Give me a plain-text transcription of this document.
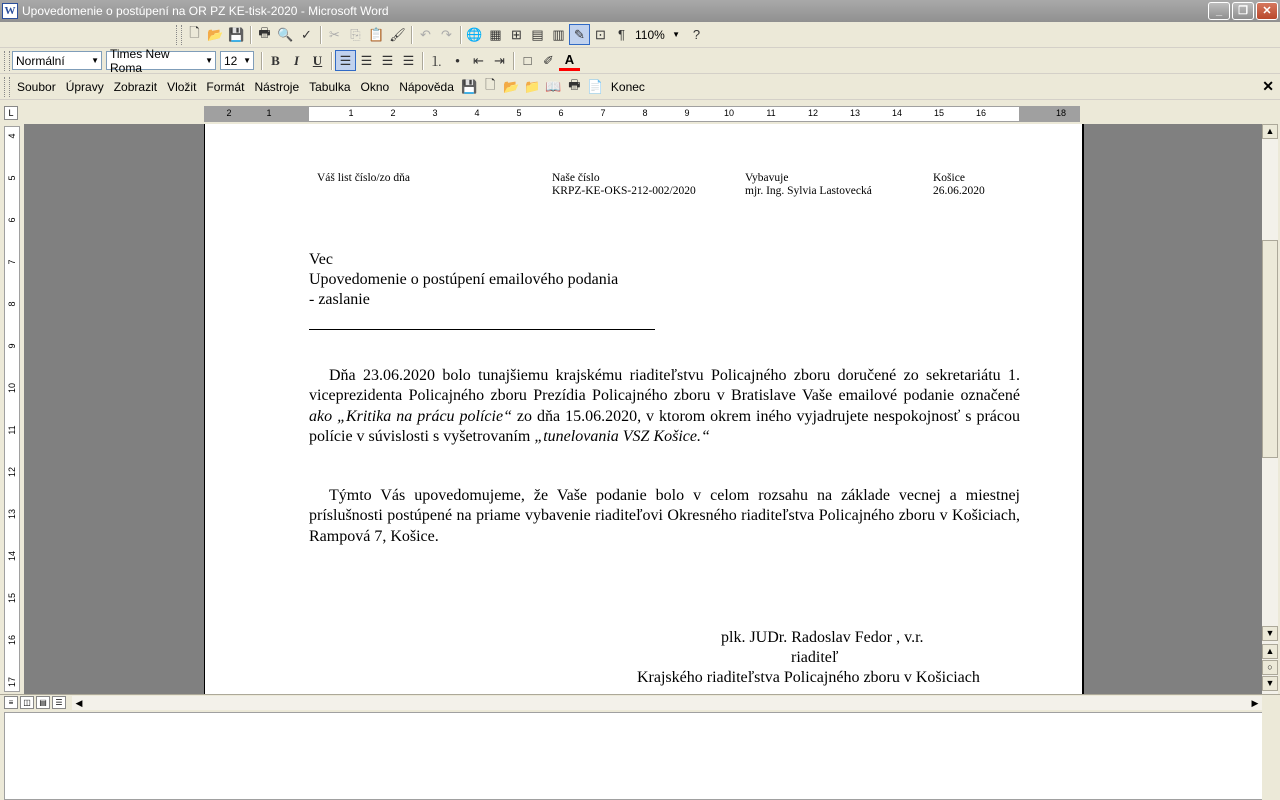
W Upovedomenie o postúpení na OR PZ KE-tisk-2020 - Microsoft Word	_	❐	✕
🗋 📂 💾	🖶 🔍 ✓	✂ ⎘ 📋 🖌	↶ ↷	🌐 ▦ ⊞ ▤ ▥ ✎ ⊡ ¶ 110% ▼ ?
Normální	▼ Times New Roma	▼ 12 ▼	B	I	U	☰ ☰ ☰ ☰	⒈ •	⇤ ⇥	□ ✐ A
Soubor Úpravy Zobrazit Vložit Formát Nástroje Tabulka Okno Nápověda 💾 🗋 📂 📁 📖 🖶 📄 Konec	✕
L	2	1	1	2	3	4	5	6	7	8	9	10	11	12	13	14	15	16	18
4
5
6
7
8
9
10
11
12
13
14
15
16
17
Váš list číslo/zo dňa	Naše číslo
KRPZ-KE-OKS-212-002/2020
Vybavuje
mjr. Ing. Sylvia Lastovecká
Košice
26.06.2020
Vec
Upovedomenie o postúpení emailového podania
- zaslanie
Dňa 23.06.2020 bolo tunajšiemu krajskému riaditeľstvu Policajného zboru doručené zo sekretariátu 1. viceprezidenta Policajného zboru Prezídia Policajného zboru v Bratislave Vaše emailové podanie označené ako „Kritika na prácu polície“ zo dňa 15.06.2020, v ktorom okrem iného vyjadrujete nespokojnosť s prácou polície v súvislosti s vyšetrovaním „tunelovania VSZ Košice.“
Týmto Vás upovedomujeme, že Vaše podanie bolo v celom rozsahu na základe vecnej a miestnej príslušnosti postúpené na priame vybavenie riaditeľovi Okresného riaditeľstva Policajného zboru v Košiciach, Rampová 7, Košice.
plk. JUDr. Radoslav Fedor , v.r.
riaditeľ
Krajského riaditeľstva Policajného zboru v Košiciach
▲
▼
▲
○
▼
≡	◫	▤	☰	◀	▶
